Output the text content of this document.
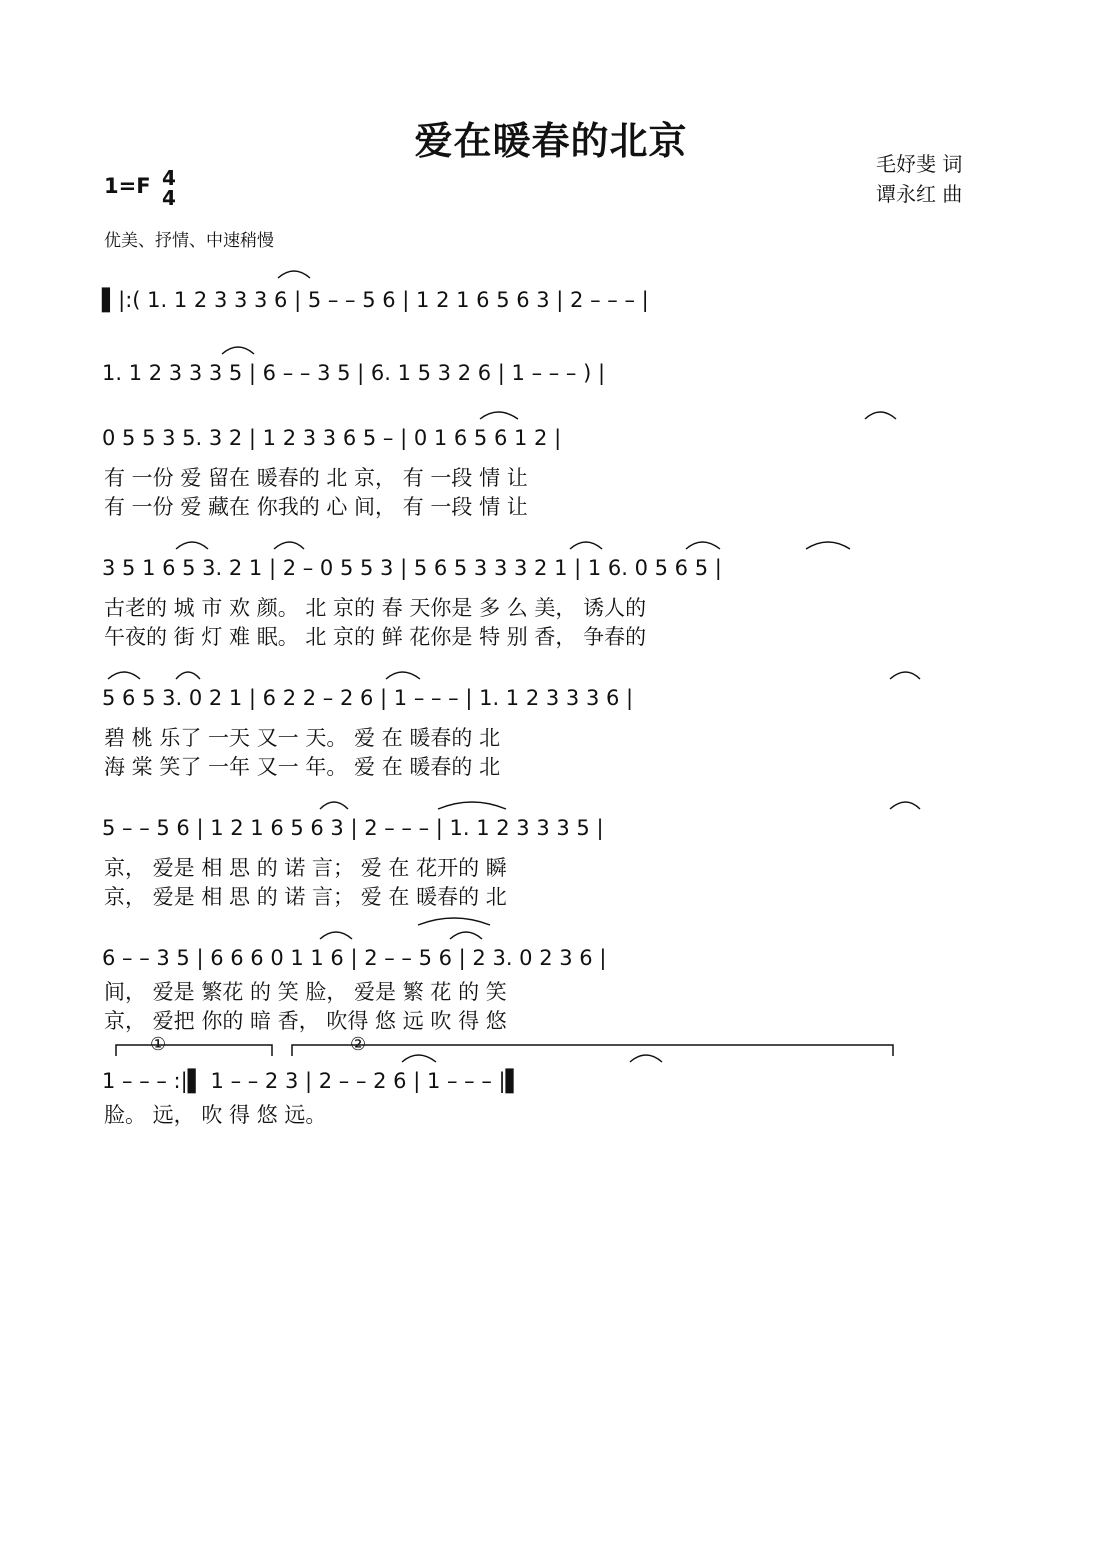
爱在暖春的北京
毛妤斐 词
谭永红 曲
1=F 4
4
优美、抒情、中速稍慢
▌|:( 1. 1 2 3 3 3 6 | 5 – – 5 6 | 1 2 1 6 5 6 3 | 2 – – – |
1. 1 2 3 3 3 5 | 6 – – 3 5 | 6. 1 5 3 2 6 | 1 – – – ) |
0 5 5 3 5. 3 2 | 1 2 3 3 6 5 – | 0 1 6 5 6 1 2 |
有 一份 爱 留在 暖春的 北 京， 有 一段 情 让
有 一份 爱 藏在 你我的 心 间， 有 一段 情 让
3 5 1 6 5 3. 2 1 | 2 – 0 5 5 3 | 5 6 5 3 3 3 2 1 | 1 6. 0 5 6 5 |
古老的 城 市 欢 颜。 北 京的 春 天你是 多 么 美， 诱人的
午夜的 街 灯 难 眠。 北 京的 鲜 花你是 特 别 香， 争春的
5 6 5 3. 0 2 1 | 6 2 2 – 2 6 | 1 – – – | 1. 1 2 3 3 3 6 |
碧 桃 乐了 一天 又一 天。 爱 在 暖春的 北
海 棠 笑了 一年 又一 年。 爱 在 暖春的 北
5 – – 5 6 | 1 2 1 6 5 6 3 | 2 – – – | 1. 1 2 3 3 3 5 |
京， 爱是 相 思 的 诺 言； 爱 在 花开的 瞬
京， 爱是 相 思 的 诺 言； 爱 在 暖春的 北
6 – – 3 5 | 6 6 6 0 1 1 6 | 2 – – 5 6 | 2 3. 0 2 3 6 |
间， 爱是 繁花 的 笑 脸， 爱是 繁 花 的 笑
京， 爱把 你的 暗 香， 吹得 悠 远 吹 得 悠
1 – – – :|▌ 1 – – 2 3 | 2 – – 2 6 | 1 – – – |▌
脸。 远， 吹 得 悠 远。
①	②
